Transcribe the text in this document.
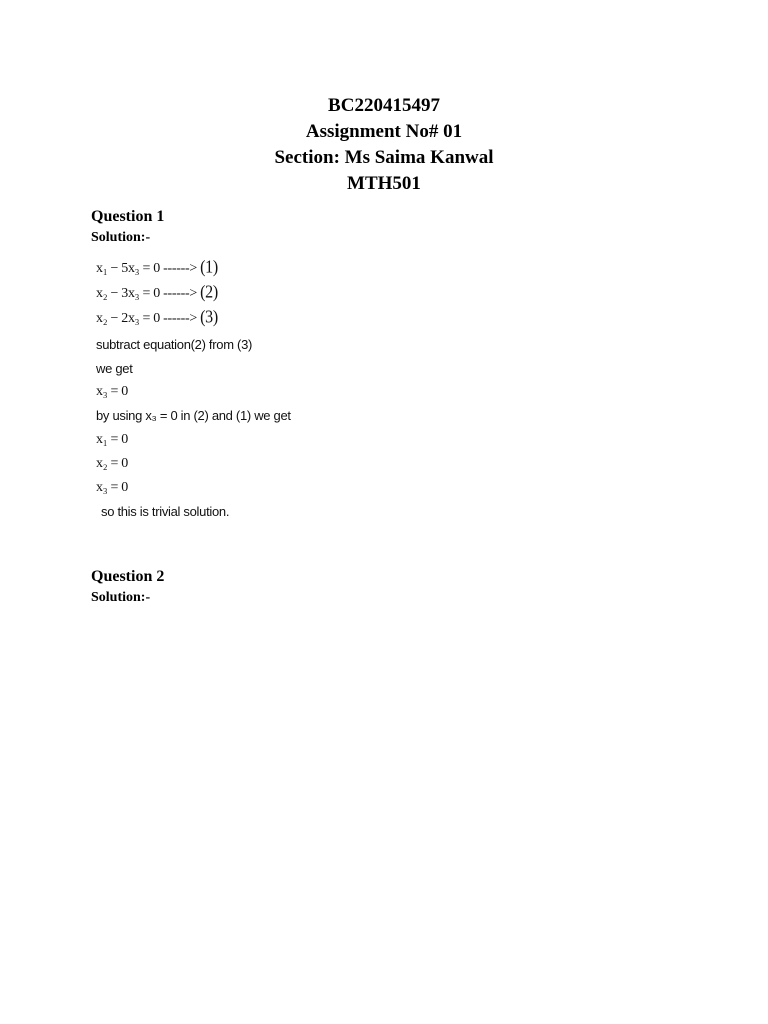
BC220415497
Assignment No# 01
Section: Ms Saima Kanwal
MTH501
Question 1
Solution:-
x₁ − 5x₃ = 0 ------> (1)
x₂ − 3x₃ = 0 ------> (2)
x₂ − 2x₃ = 0 ------> (3)
subtract equation(2) from (3)
we get
x₃ = 0
by using x₃ = 0 in (2) and (1) we get
x₁ = 0
x₂ = 0
x₃ = 0
so this is trivial solution.
Question 2
Solution:-
